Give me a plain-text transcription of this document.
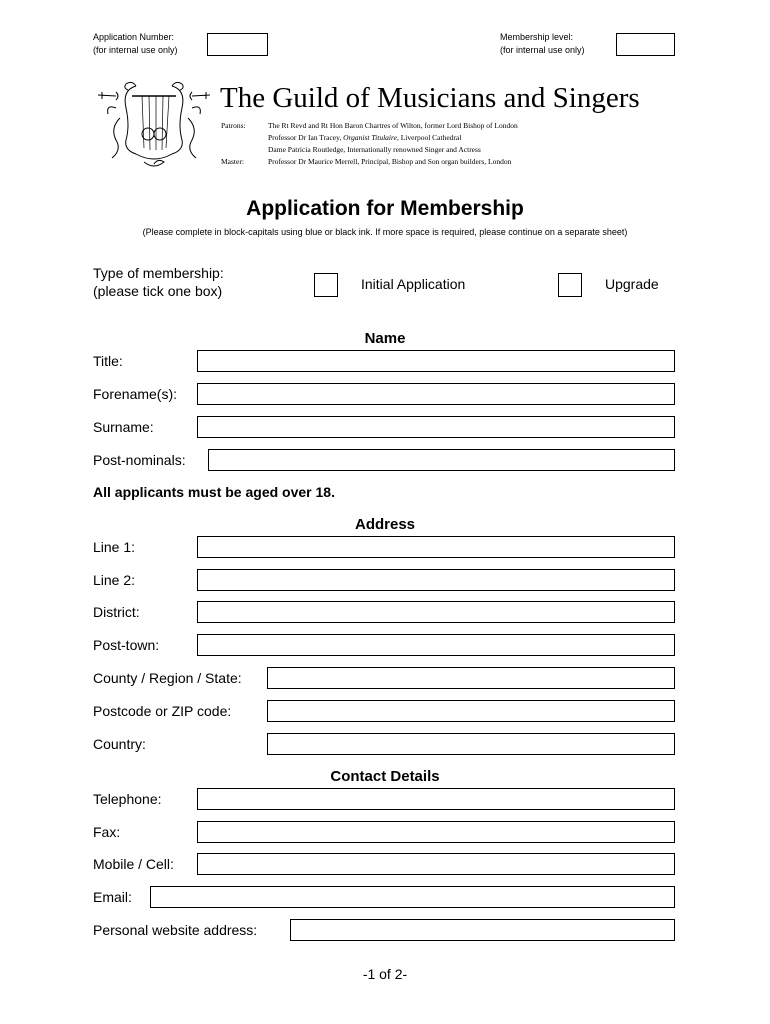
Application Number:
(for internal use only)
Membership level:
(for internal use only)
The Guild of Musicians and Singers
Patrons:	The Rt Revd and Rt Hon Baron Chartres of Wilton, former Lord Bishop of London
Professor Dr Ian Tracey, Organist Titulaire, Liverpool Cathedral
Dame Patricia Routledge, Internationally renowned Singer and Actress
Master:	Professor Dr Maurice Merrell, Principal, Bishop and Son organ builders, London
Application for Membership
(Please complete in block-capitals using blue or black ink. If more space is required, please continue on a separate sheet)
Type of membership:
(please tick one box)	Initial Application	Upgrade
Name
Title:
Forename(s):
Surname:
Post-nominals:
All applicants must be aged over 18.
Address
Line 1:
Line 2:
District:
Post-town:
County / Region / State:
Postcode or ZIP code:
Country:
Contact Details
Telephone:
Fax:
Mobile / Cell:
Email:
Personal website address:
-1 of 2-
